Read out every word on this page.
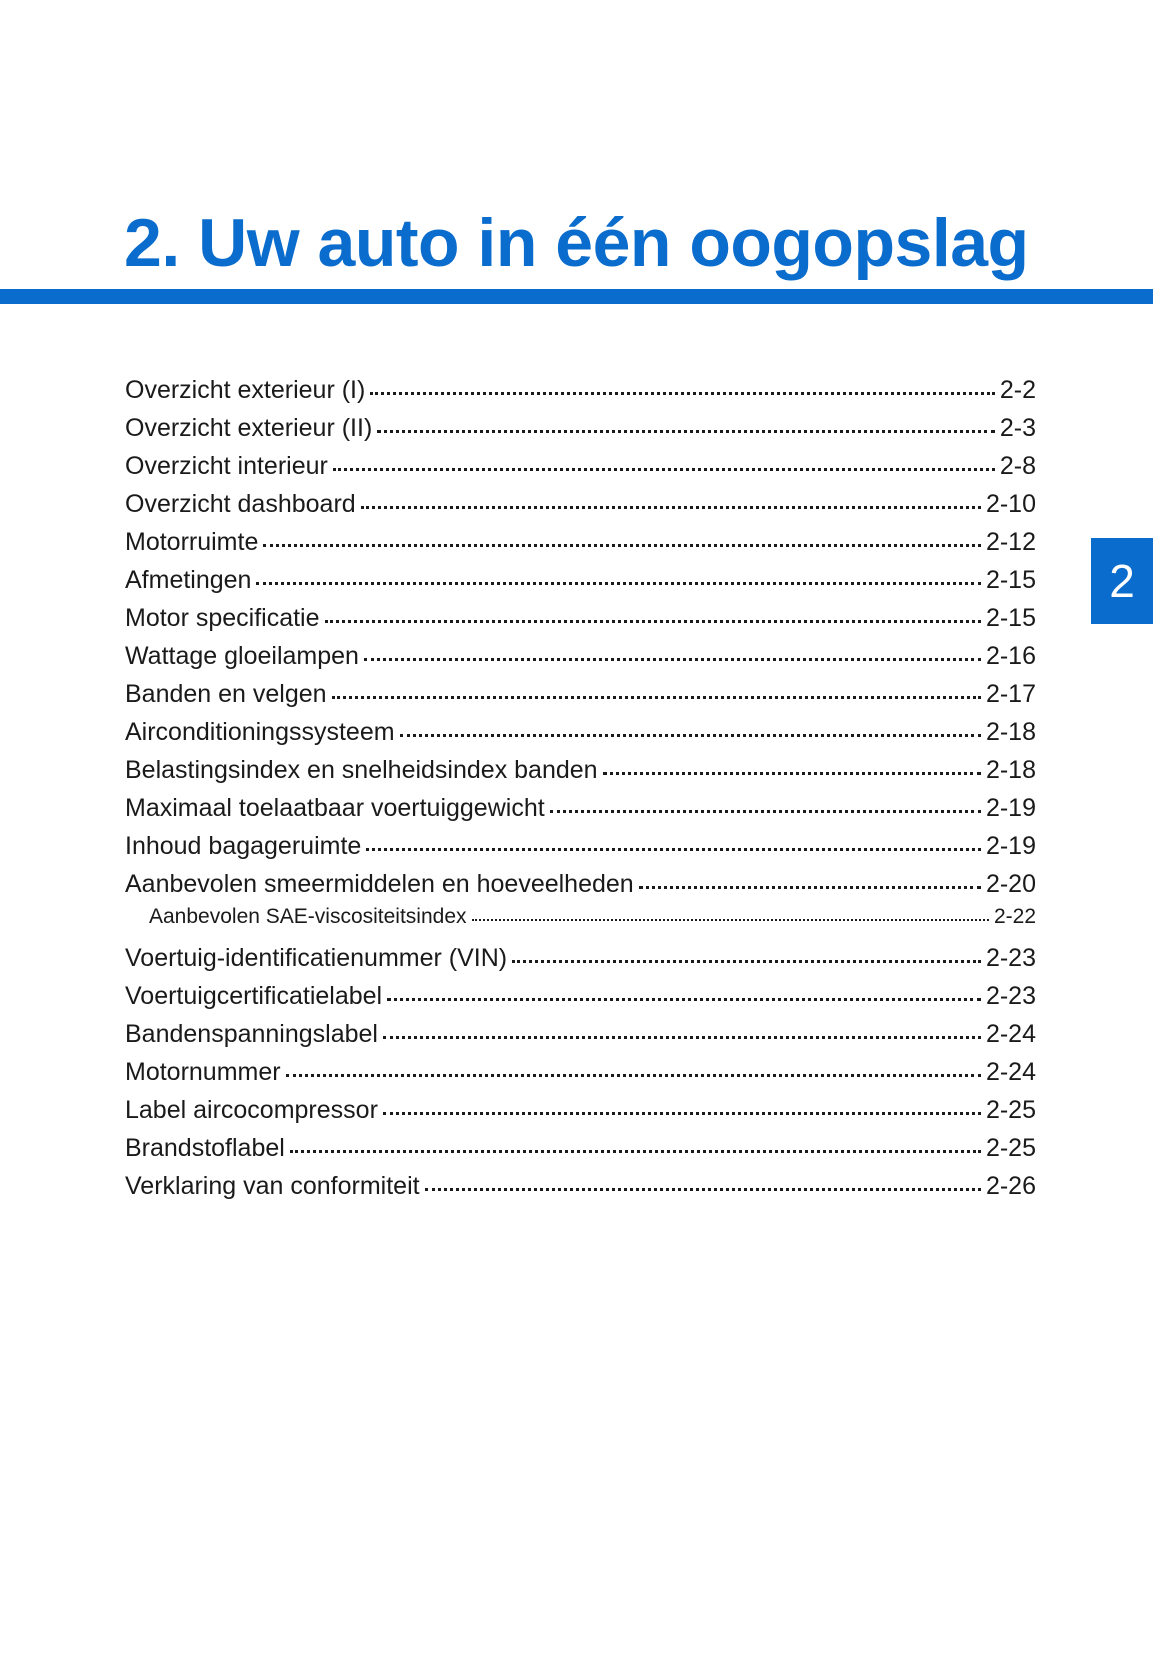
2. Uw auto in één oogopslag
2
Overzicht exterieur (I)	2-2
Overzicht exterieur (II)	2-3
Overzicht interieur	2-8
Overzicht dashboard	2-10
Motorruimte	2-12
Afmetingen	2-15
Motor specificatie	2-15
Wattage gloeilampen	2-16
Banden en velgen	2-17
Airconditioningssysteem	2-18
Belastingsindex en snelheidsindex banden	2-18
Maximaal toelaatbaar voertuiggewicht	2-19
Inhoud bagageruimte	2-19
Aanbevolen smeermiddelen en hoeveelheden	2-20
Aanbevolen SAE-viscositeitsindex	2-22
Voertuig-identificatienummer (VIN)	2-23
Voertuigcertificatielabel	2-23
Bandenspanningslabel	2-24
Motornummer	2-24
Label aircocompressor	2-25
Brandstoflabel	2-25
Verklaring van conformiteit	2-26
